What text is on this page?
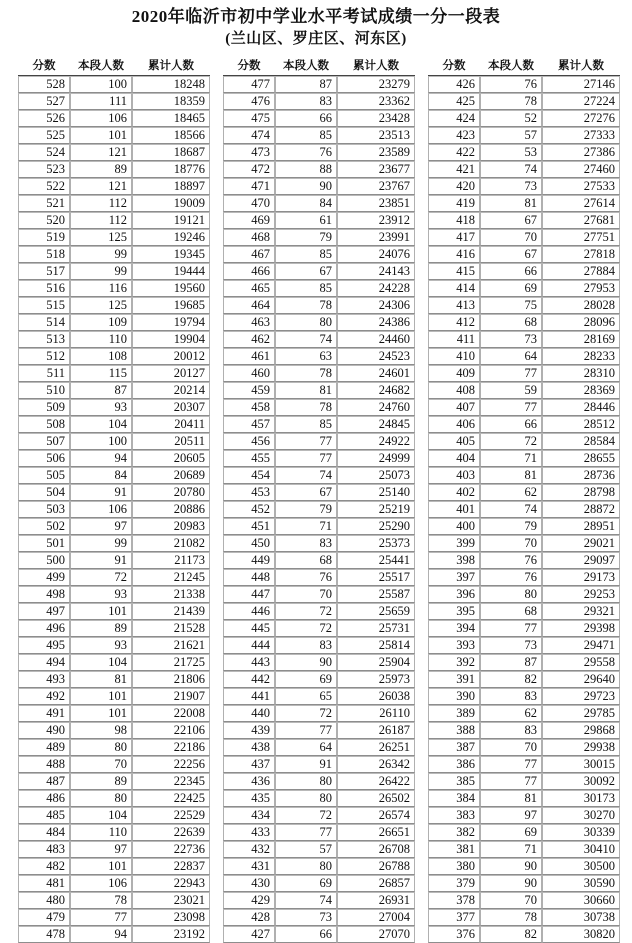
2020年临沂市初中学业水平考试成绩一分一段表
(兰山区、罗庄区、河东区)
分数	本段人数	累计人数
528	100	18248
527	111	18359
526	106	18465
525	101	18566
524	121	18687
523	89	18776
522	121	18897
521	112	19009
520	112	19121
519	125	19246
518	99	19345
517	99	19444
516	116	19560
515	125	19685
514	109	19794
513	110	19904
512	108	20012
511	115	20127
510	87	20214
509	93	20307
508	104	20411
507	100	20511
506	94	20605
505	84	20689
504	91	20780
503	106	20886
502	97	20983
501	99	21082
500	91	21173
499	72	21245
498	93	21338
497	101	21439
496	89	21528
495	93	21621
494	104	21725
493	81	21806
492	101	21907
491	101	22008
490	98	22106
489	80	22186
488	70	22256
487	89	22345
486	80	22425
485	104	22529
484	110	22639
483	97	22736
482	101	22837
481	106	22943
480	78	23021
479	77	23098
478	94	23192
分数	本段人数	累计人数
477	87	23279
476	83	23362
475	66	23428
474	85	23513
473	76	23589
472	88	23677
471	90	23767
470	84	23851
469	61	23912
468	79	23991
467	85	24076
466	67	24143
465	85	24228
464	78	24306
463	80	24386
462	74	24460
461	63	24523
460	78	24601
459	81	24682
458	78	24760
457	85	24845
456	77	24922
455	77	24999
454	74	25073
453	67	25140
452	79	25219
451	71	25290
450	83	25373
449	68	25441
448	76	25517
447	70	25587
446	72	25659
445	72	25731
444	83	25814
443	90	25904
442	69	25973
441	65	26038
440	72	26110
439	77	26187
438	64	26251
437	91	26342
436	80	26422
435	80	26502
434	72	26574
433	77	26651
432	57	26708
431	80	26788
430	69	26857
429	74	26931
428	73	27004
427	66	27070
分数	本段人数	累计人数
426	76	27146
425	78	27224
424	52	27276
423	57	27333
422	53	27386
421	74	27460
420	73	27533
419	81	27614
418	67	27681
417	70	27751
416	67	27818
415	66	27884
414	69	27953
413	75	28028
412	68	28096
411	73	28169
410	64	28233
409	77	28310
408	59	28369
407	77	28446
406	66	28512
405	72	28584
404	71	28655
403	81	28736
402	62	28798
401	74	28872
400	79	28951
399	70	29021
398	76	29097
397	76	29173
396	80	29253
395	68	29321
394	77	29398
393	73	29471
392	87	29558
391	82	29640
390	83	29723
389	62	29785
388	83	29868
387	70	29938
386	77	30015
385	77	30092
384	81	30173
383	97	30270
382	69	30339
381	71	30410
380	90	30500
379	90	30590
378	70	30660
377	78	30738
376	82	30820
